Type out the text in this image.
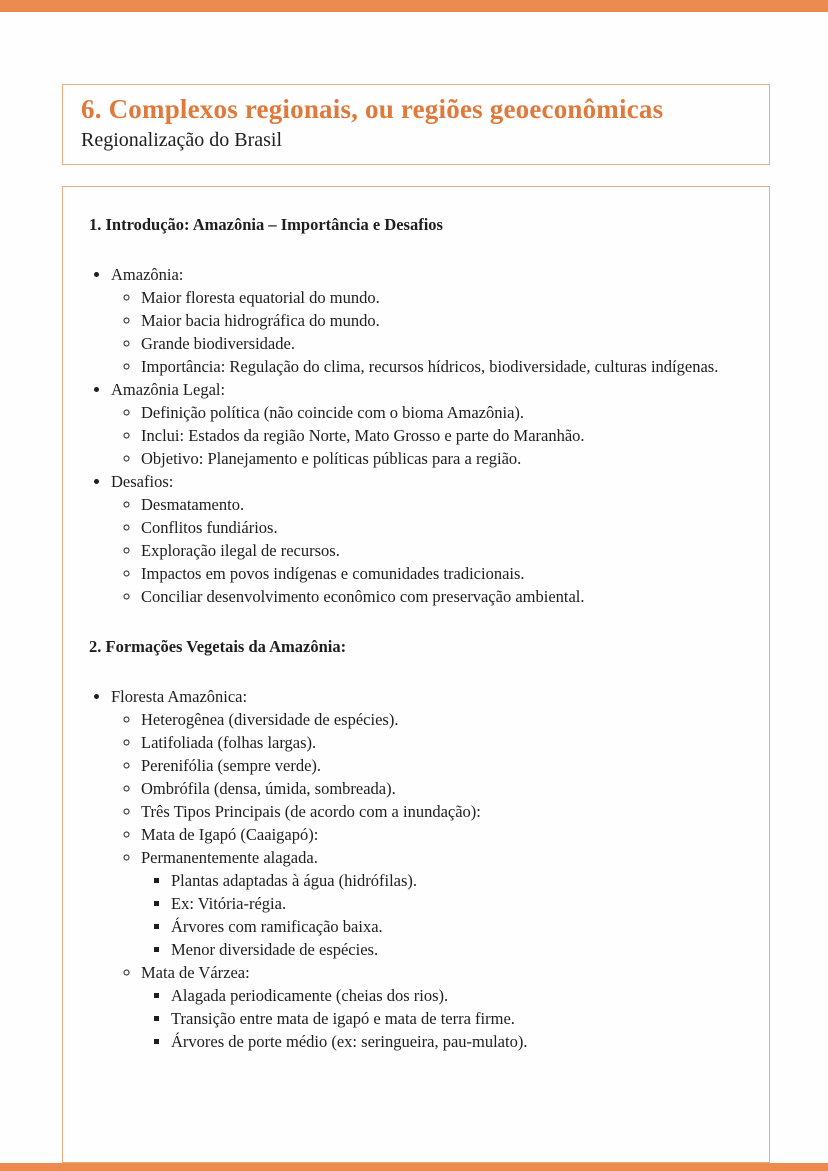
6. Complexos regionais, ou regiões geoeconômicas
Regionalização do Brasil
1. Introdução: Amazônia – Importância e Desafios
• Amazônia:
◦ Maior floresta equatorial do mundo.
◦ Maior bacia hidrográfica do mundo.
◦ Grande biodiversidade.
◦ Importância: Regulação do clima, recursos hídricos, biodiversidade, culturas indígenas.
• Amazônia Legal:
◦ Definição política (não coincide com o bioma Amazônia).
◦ Inclui: Estados da região Norte, Mato Grosso e parte do Maranhão.
◦ Objetivo: Planejamento e políticas públicas para a região.
• Desafios:
◦ Desmatamento.
◦ Conflitos fundiários.
◦ Exploração ilegal de recursos.
◦ Impactos em povos indígenas e comunidades tradicionais.
◦ Conciliar desenvolvimento econômico com preservação ambiental.
2. Formações Vegetais da Amazônia:
• Floresta Amazônica:
◦ Heterogênea (diversidade de espécies).
◦ Latifoliada (folhas largas).
◦ Perenifólia (sempre verde).
◦ Ombrófila (densa, úmida, sombreada).
◦ Três Tipos Principais (de acordo com a inundação):
◦ Mata de Igapó (Caaigapó):
◦ Permanentemente alagada.
▪ Plantas adaptadas à água (hidrófilas).
▪ Ex: Vitória-régia.
▪ Árvores com ramificação baixa.
▪ Menor diversidade de espécies.
◦ Mata de Várzea:
▪ Alagada periodicamente (cheias dos rios).
▪ Transição entre mata de igapó e mata de terra firme.
▪ Árvores de porte médio (ex: seringueira, pau-mulato).
